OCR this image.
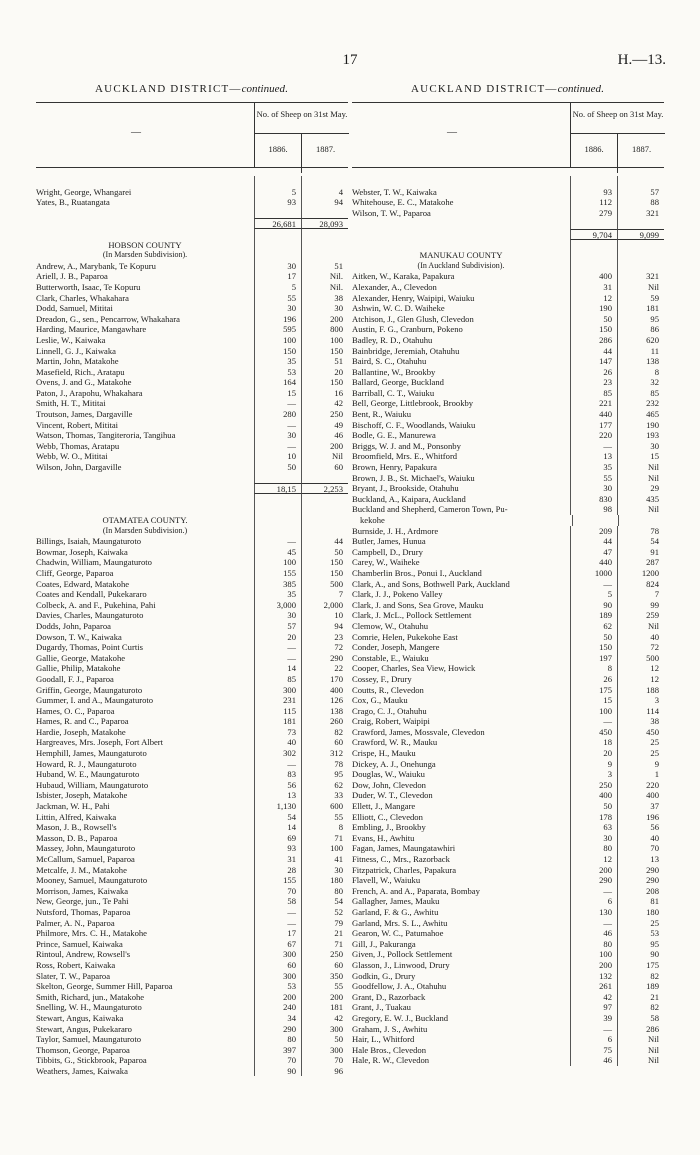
17	H.—13.
AUCKLAND DISTRICT—continued.
—
No. of Sheep on 31st May.
1886.	1887.
Wright, George, Whangarei	5	4
Yates, B., Ruatangata	93	94
26,681	28,093
HOBSON COUNTY
(In Marsden Subdivision).
Andrew, A., Marybank, Te Kopuru	30	51
Ariell, J. B., Paparoa	17	Nil.
Butterworth, Isaac, Te Kopuru	5	Nil.
Clark, Charles, Whakahara	55	38
Dodd, Samuel, Mititai	30	30
Dreadon, G., sen., Pencarrow, Whakahara	196	200
Harding, Maurice, Mangawhare	595	800
Leslie, W., Kaiwaka	100	100
Linnell, G. J., Kaiwaka	150	150
Martin, John, Matakohe	35	51
Masefield, Rich., Aratapu	53	20
Ovens, J. and G., Matakohe	164	150
Paton, J., Arapohu, Whakahara	15	16
Smith, H. T., Mititai	—	42
Troutson, James, Dargaville	280	250
Vincent, Robert, Mititai	—	49
Watson, Thomas, Tangiteroria, Tangihua	30	46
Webb, Thomas, Aratapu	—	200
Webb, W. O., Mititai	10	Nil
Wilson, John, Dargaville	50	60
18,15	2,253
OTAMATEA COUNTY.
(In Marsden Subdivision.)
Billings, Isaiah, Maungaturoto	—	44
Bowmar, Joseph, Kaiwaka	45	50
Chadwin, William, Maungaturoto	100	150
Cliff, George, Paparoa	155	150
Coates, Edward, Matakohe	385	500
Coates and Kendall, Pukekararo	35	7
Colbeck, A. and F., Pukehina, Pahi	3,000	2,000
Davies, Charles, Maungaturoto	30	10
Dodds, John, Paparoa	57	94
Dowson, T. W., Kaiwaka	20	23
Dugardy, Thomas, Point Curtis	—	72
Gallie, George, Matakohe	—	290
Gallie, Philip, Matakohe	14	22
Goodall, F. J., Paparoa	85	170
Griffin, George, Maungaturoto	300	400
Gummer, I. and A., Maungaturoto	231	126
Hames, O. C., Paparoa	115	138
Hames, R. and C., Paparoa	181	260
Hardie, Joseph, Matakohe	73	82
Hargreaves, Mrs. Joseph, Fort Albert	40	60
Hemphill, James, Maungaturoto	302	312
Howard, R. J., Maungaturoto	—	78
Huband, W. E., Maungaturoto	83	95
Hubaud, William, Maungaturoto	56	62
Isbister, Joseph, Matakohe	13	33
Jackman, W. H., Pahi	1,130	600
Littin, Alfred, Kaiwaka	54	55
Mason, J. B., Rowsell's	14	8
Masson, D. B., Paparoa	69	71
Massey, John, Maungaturoto	93	100
McCallum, Samuel, Paparoa	31	41
Metcalfe, J. M., Matakohe	28	30
Mooney, Samuel, Maungaturoto	155	180
Morrison, James, Kaiwaka	70	80
New, George, jun., Te Pahi	58	54
Nutsford, Thomas, Paparoa	—	52
Palmer, A. N., Paparoa	—	79
Philmore, Mrs. C. H., Matakohe	17	21
Prince, Samuel, Kaiwaka	67	71
Rintoul, Andrew, Rowsell's	300	250
Ross, Robert, Kaiwaka	60	60
Slater, T. W., Paparoa	300	350
Skelton, George, Summer Hill, Paparoa	53	55
Smith, Richard, jun., Matakohe	200	200
Snelling, W. H., Maungaturoto	240	181
Stewart, Angus, Kaiwaka	34	42
Stewart, Angus, Pukekararo	290	300
Taylor, Samuel, Maungaturoto	80	50
Thomson, George, Paparoa	397	300
Tibbits, G., Stickbrook, Paparoa	70	70
Weathers, James, Kaiwaka	90	96
AUCKLAND DISTRICT—continued.
—
No. of Sheep on 31st May.
1886.	1887.
Webster, T. W., Kaiwaka	93	57
Whitehouse, E. C., Matakohe	112	88
Wilson, T. W., Paparoa	279	321
9,704	9,099
MANUKAU COUNTY
(In Auckland Subdivision).
Aitken, W., Karaka, Papakura	400	321
Alexander, A., Clevedon	31	Nil
Alexander, Henry, Waipipi, Waiuku	12	59
Ashwin, W. C. D. Waiheke	190	181
Atchison, J., Glen Glush, Clevedon	50	95
Austin, F. G., Cranburn, Pokeno	150	86
Badley, R. D., Otahuhu	286	620
Bainbridge, Jeremiah, Otahuhu	44	11
Baird, S. C., Otahuhu	147	138
Ballantine, W., Brookby	26	8
Ballard, George, Buckland	23	32
Barriball, C. T., Waiuku	85	85
Bell, George, Littlebrook, Brookby	221	232
Bent, R., Waiuku	440	465
Bischoff, C. F., Woodlands, Waiuku	177	190
Bodle, G. E., Manurewa	220	193
Briggs, W. J. and M., Ponsonby	—	30
Broomfield, Mrs. E., Whitford	13	15
Brown, Henry, Papakura	35	Nil
Brown, J. B., St. Michael's, Waiuku	55	Nil
Bryant, J., Brookside, Otahuhu	30	29
Buckland, A., Kaipara, Auckland	830	435
Buckland and Shepherd, Cameron Town, Pu-	98	Nil
kekohe
Burnside, J. H., Ardmore	209	78
Butler, James, Hunua	44	54
Campbell, D., Drury	47	91
Carey, W., Waiheke	440	287
Chamberlin Bros., Ponui I., Auckland	1000	1200
Clark, A., and Sons, Bothwell Park, Auckland	—	824
Clark, J. J., Pokeno Valley	5	7
Clark, J. and Sons, Sea Grove, Mauku	90	99
Clark, J. McL., Pollock Settlement	189	259
Clemow, W., Otahuhu	62	Nil
Comrie, Helen, Pukekohe East	50	40
Conder, Joseph, Mangere	150	72
Constable, E., Waiuku	197	500
Cooper, Charles, Sea View, Howick	8	12
Cossey, F., Drury	26	12
Coutts, R., Clevedon	175	188
Cox, G., Mauku	15	3
Crago, C. J., Otahuhu	100	114
Craig, Robert, Waipipi	—	38
Crawford, James, Mossvale, Clevedon	450	450
Crawford, W. R., Mauku	18	25
Crispe, H., Mauku	20	25
Dickey, A. J., Onehunga	9	9
Douglas, W., Waiuku	3	1
Dow, John, Clevedon	250	220
Duder, W. T., Clevedon	400	400
Ellett, J., Mangare	50	37
Elliott, C., Clevedon	178	196
Embling, J., Brookby	63	56
Evans, H., Awhitu	30	40
Fagan, James, Maungatawhiri	80	70
Fitness, C., Mrs., Razorback	12	13
Fitzpatrick, Charles, Papakura	200	290
Flavell, W., Waiuku	290	290
French, A. and A., Paparata, Bombay	—	208
Gallagher, James, Mauku	6	81
Garland, F. & G., Awhitu	130	180
Garland, Mrs. S. L., Awhitu	—	25
Gearon, W. C., Patumahoe	46	53
Gill, J., Pakuranga	80	95
Given, J., Pollock Settlement	100	90
Glasson, J., Linwood, Drury	200	175
Godkin, G., Drury	132	82
Goodfellow, J. A., Otahuhu	261	189
Grant, D., Razorback	42	21
Grant, J., Tuakau	97	82
Gregory, E. W. J., Buckland	39	58
Graham, J. S., Awhitu	—	286
Hair, L., Whitford	6	Nil
Hale Bros., Clevedon	75	Nil
Hale, R. W., Clevedon	46	Nil
